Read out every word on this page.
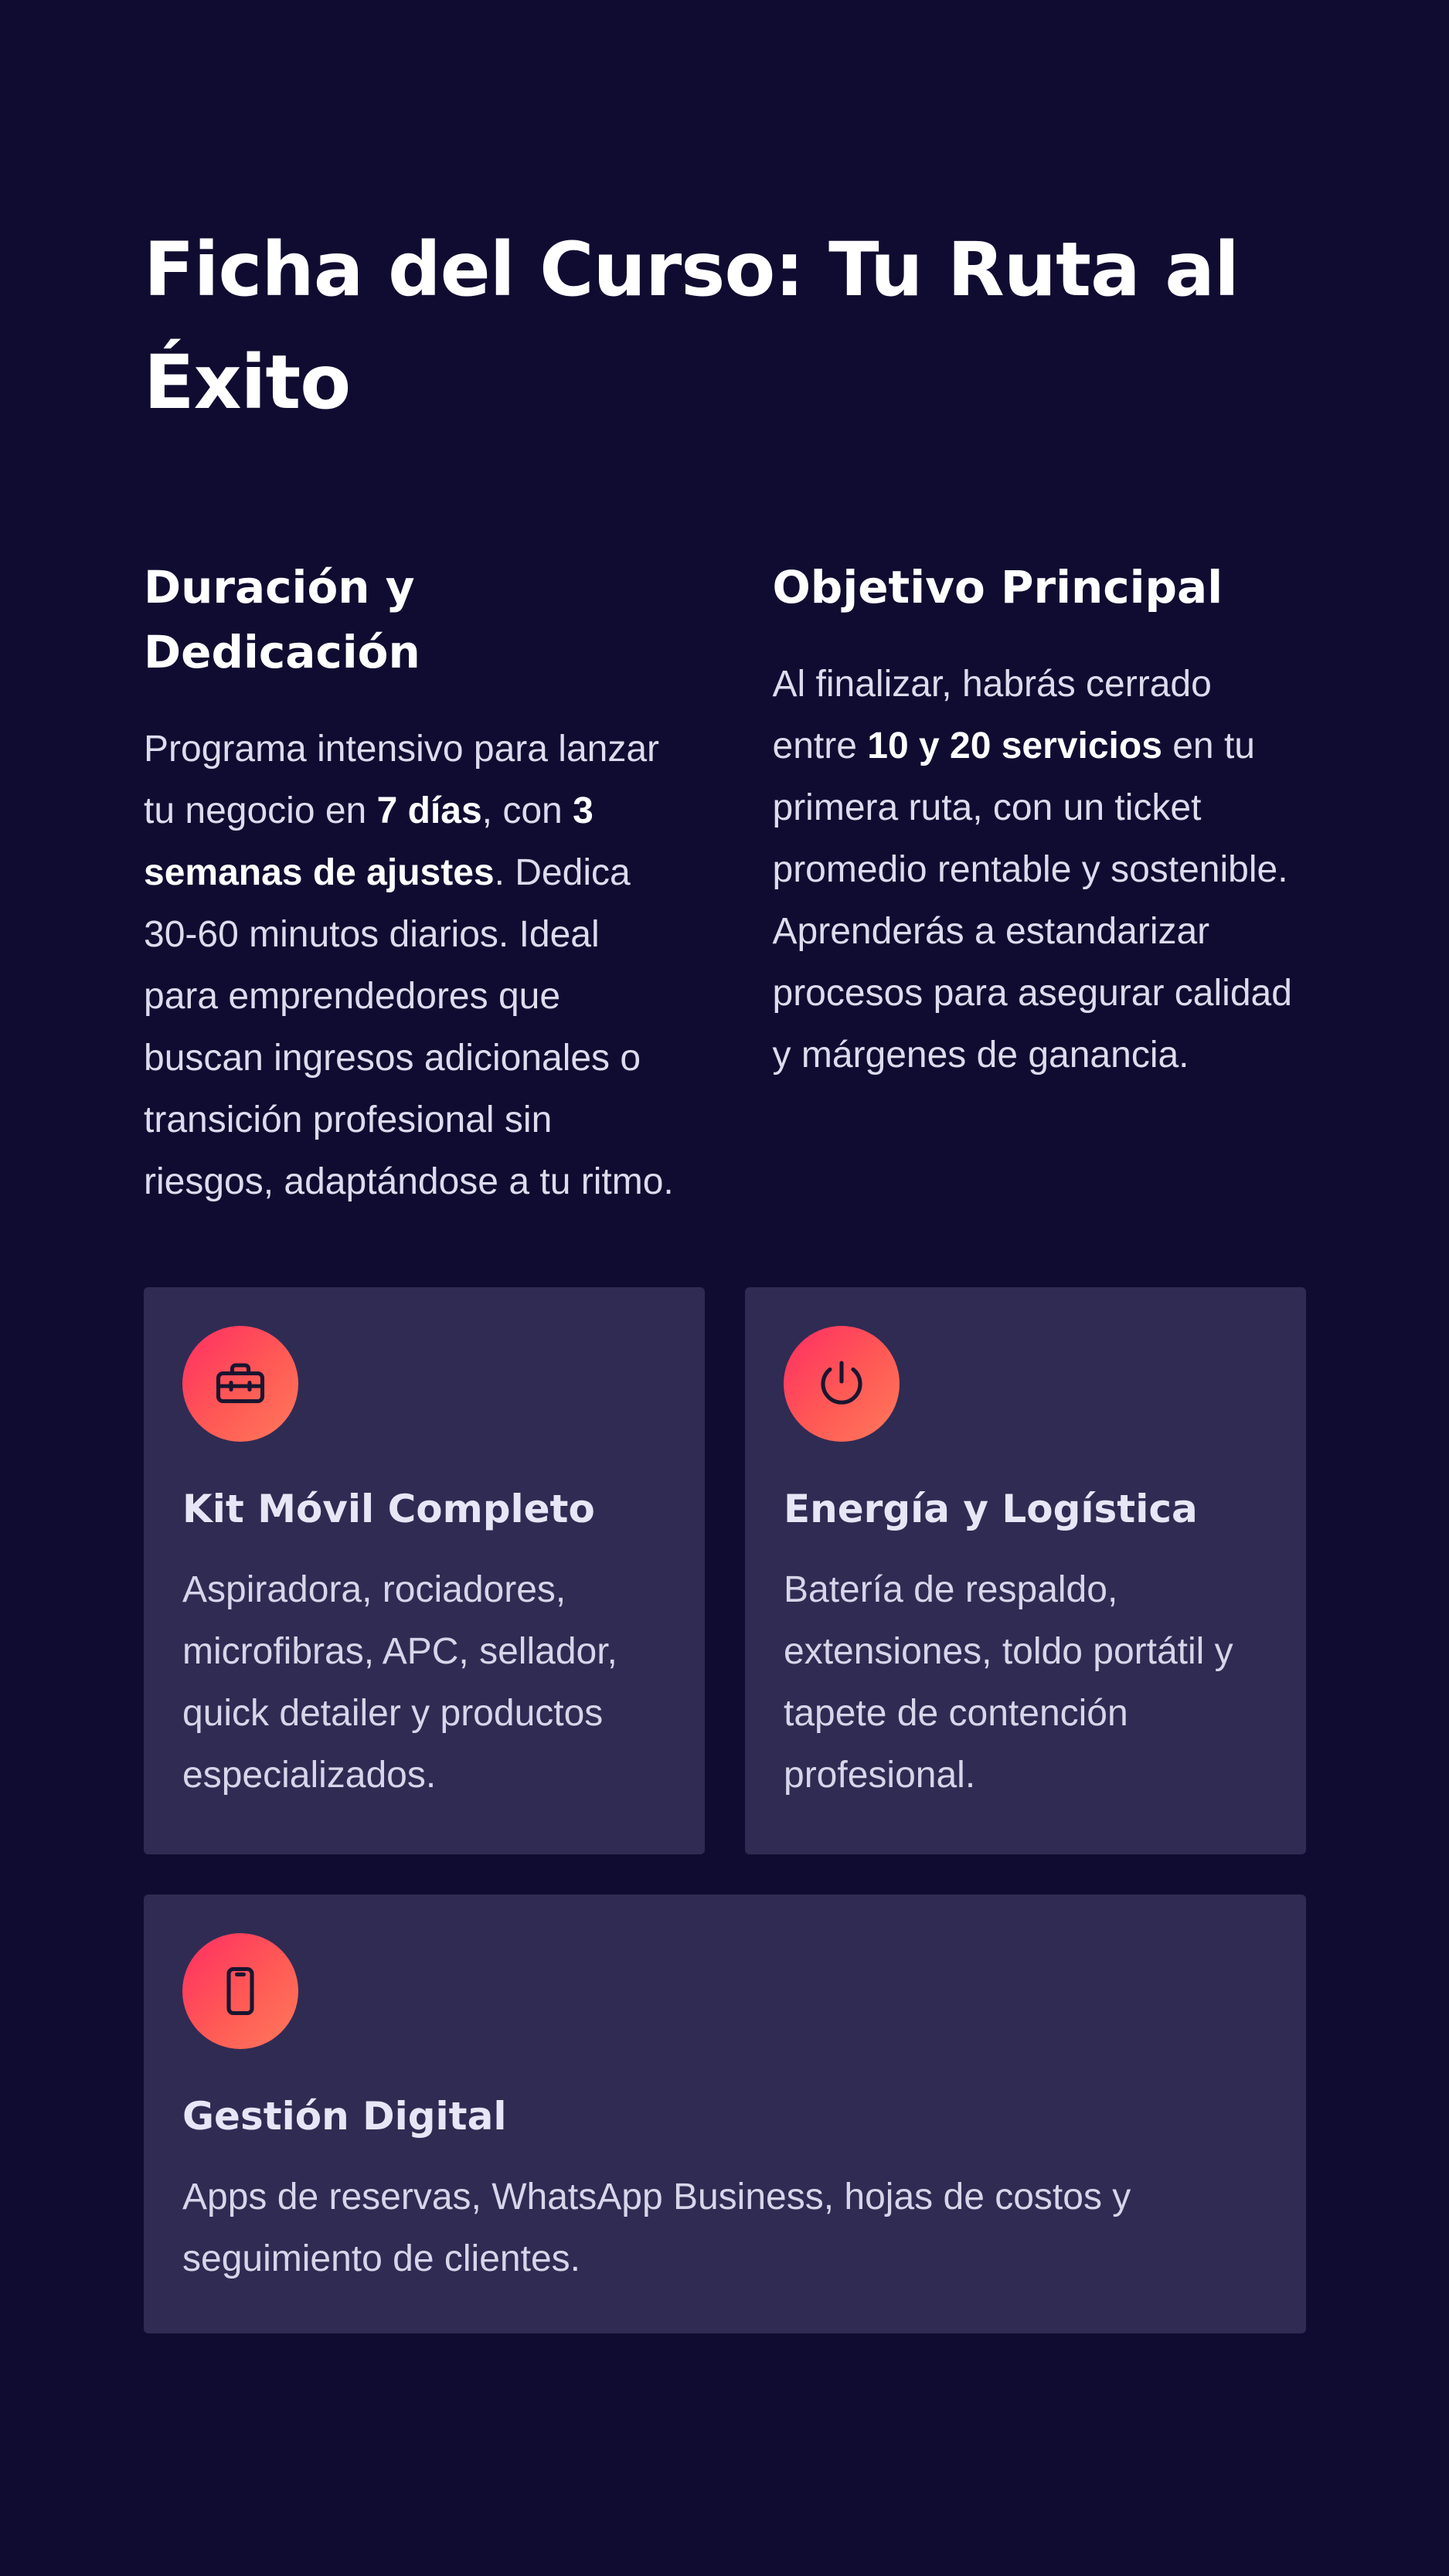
Ficha del Curso: Tu Ruta al Éxito
Duración y Dedicación

Programa intensivo para lanzar tu negocio en 7 días, con 3 semanas de ajustes. Dedica 30-60 minutos diarios. Ideal para emprendedores que buscan ingresos adicionales o transición profesional sin riesgos, adaptándose a tu ritmo.

Objetivo Principal

Al finalizar, habrás cerrado entre 10 y 20 servicios en tu primera ruta, con un ticket promedio rentable y sostenible. Aprenderás a estandarizar procesos para asegurar calidad y márgenes de ganancia.

Kit Móvil Completo

Aspiradora, rociadores, microfibras, APC, sellador, quick detailer y productos especializados.

Energía y Logística

Batería de respaldo, extensiones, toldo portátil y tapete de contención profesional.

Gestión Digital

Apps de reservas, WhatsApp Business, hojas de costos y seguimiento de clientes.
